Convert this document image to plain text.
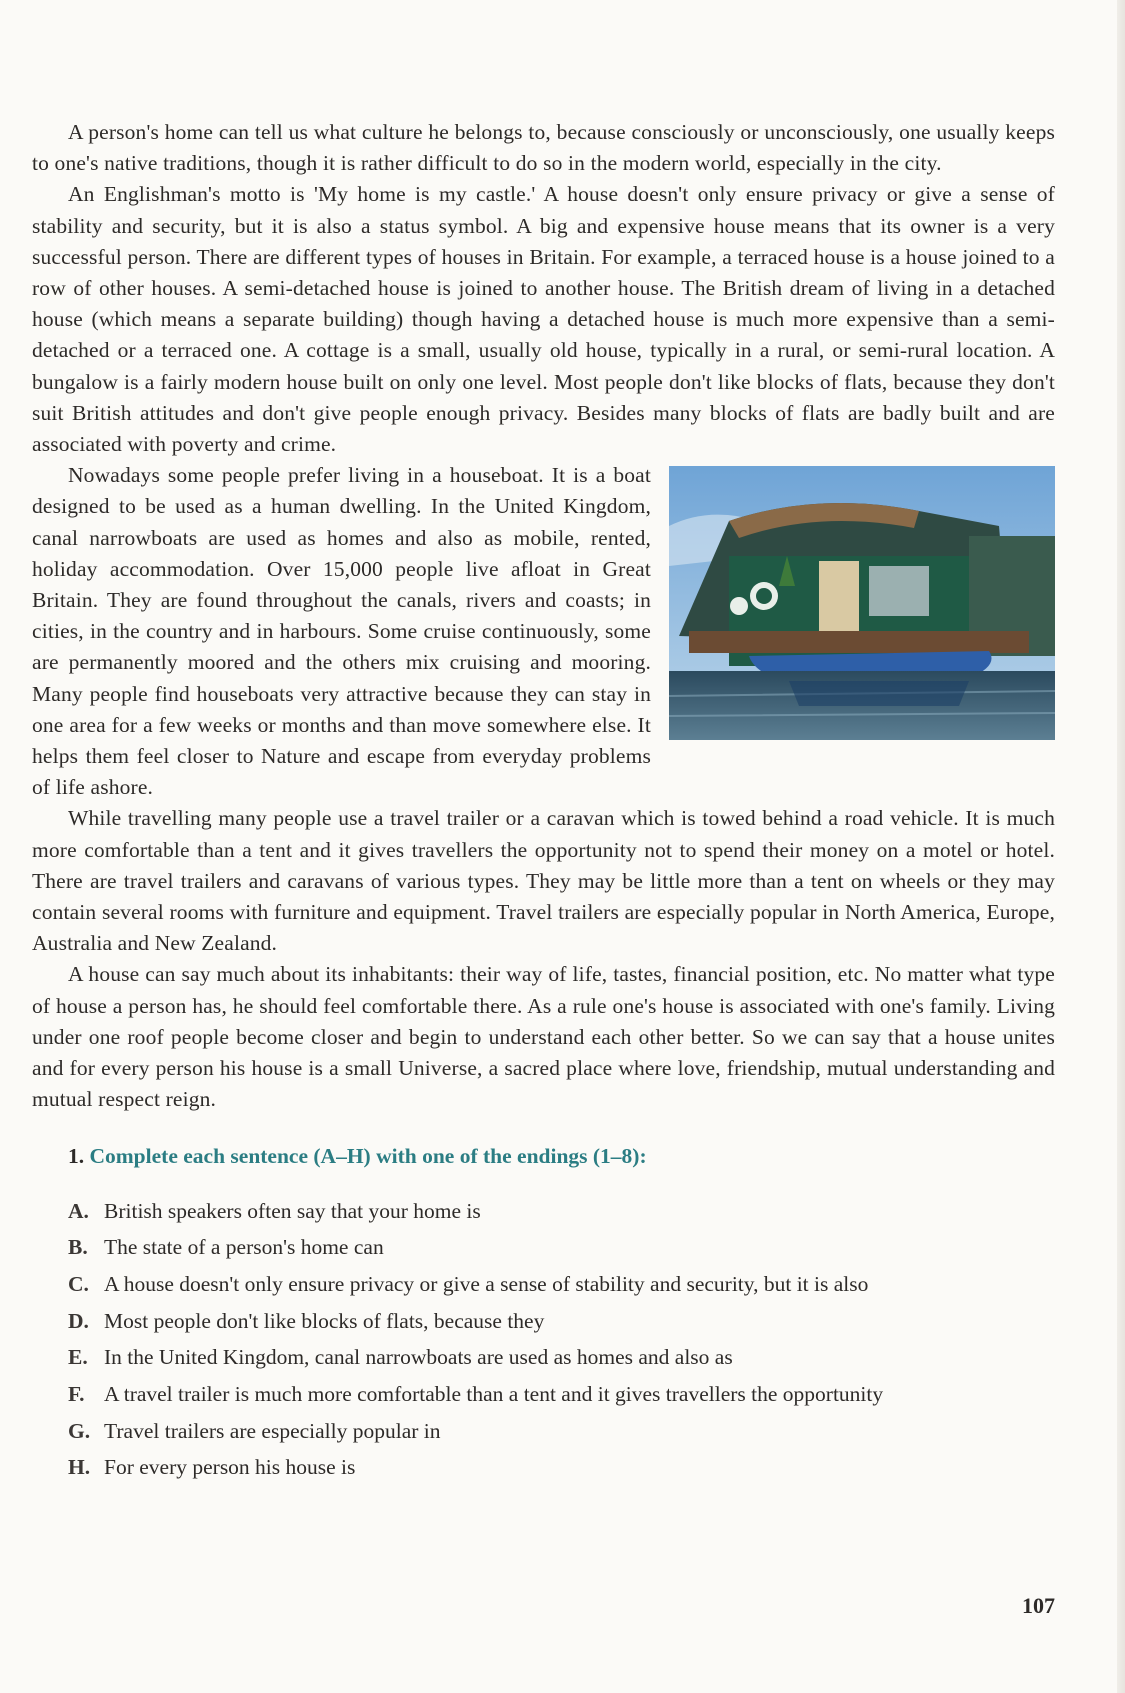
A person's home can tell us what culture he belongs to, because consciously or unconsciously, one usually keeps to one's native traditions, though it is rather difficult to do so in the modern world, especially in the city.

An Englishman's motto is 'My home is my castle.' A house doesn't only ensure privacy or give a sense of stability and security, but it is also a status symbol. A big and expensive house means that its owner is a very successful person. There are different types of houses in Britain. For example, a terraced house is a house joined to a row of other houses. A semi-detached house is joined to another house. The British dream of living in a detached house (which means a separate building) though having a detached house is much more expensive than a semi-detached or a terraced one. A cottage is a small, usually old house, typically in a rural, or semi-rural location. A bungalow is a fairly modern house built on only one level. Most people don't like blocks of flats, because they don't suit British attitudes and don't give people enough privacy. Besides many blocks of flats are badly built and are associated with poverty and crime.

Nowadays some people prefer living in a houseboat. It is a boat designed to be used as a human dwelling. In the United Kingdom, canal narrowboats are used as homes and also as mobile, rented, holiday accommodation. Over 15,000 people live afloat in Great Britain. They are found throughout the canals, rivers and coasts; in cities, in the country and in harbours. Some cruise continuously, some are permanently moored and the others mix cruising and mooring. Many people find houseboats very attractive because they can stay in one area for a few weeks or months and than move somewhere else. It helps them feel closer to Nature and escape from everyday problems of life ashore.

While travelling many people use a travel trailer or a caravan which is towed behind a road vehicle. It is much more comfortable than a tent and it gives travellers the opportunity not to spend their money on a motel or hotel. There are travel trailers and caravans of various types. They may be little more than a tent on wheels or they may contain several rooms with furniture and equipment. Travel trailers are especially popular in North America, Europe, Australia and New Zealand.

A house can say much about its inhabitants: their way of life, tastes, financial position, etc. No matter what type of house a person has, he should feel comfortable there. As a rule one's house is associated with one's family. Living under one roof people become closer and begin to understand each other better. So we can say that a house unites and for every person his house is a small Universe, a sacred place where love, friendship, mutual understanding and mutual respect reign.

1. Complete each sentence (A–H) with one of the endings (1–8):
A. British speakers often say that your home is
B. The state of a person's home can
C. A house doesn't only ensure privacy or give a sense of stability and security, but it is also
D. Most people don't like blocks of flats, because they
E. In the United Kingdom, canal narrowboats are used as homes and also as
F. A travel trailer is much more comfortable than a tent and it gives travellers the opportunity
G. Travel trailers are especially popular in
H. For every person his house is
107
